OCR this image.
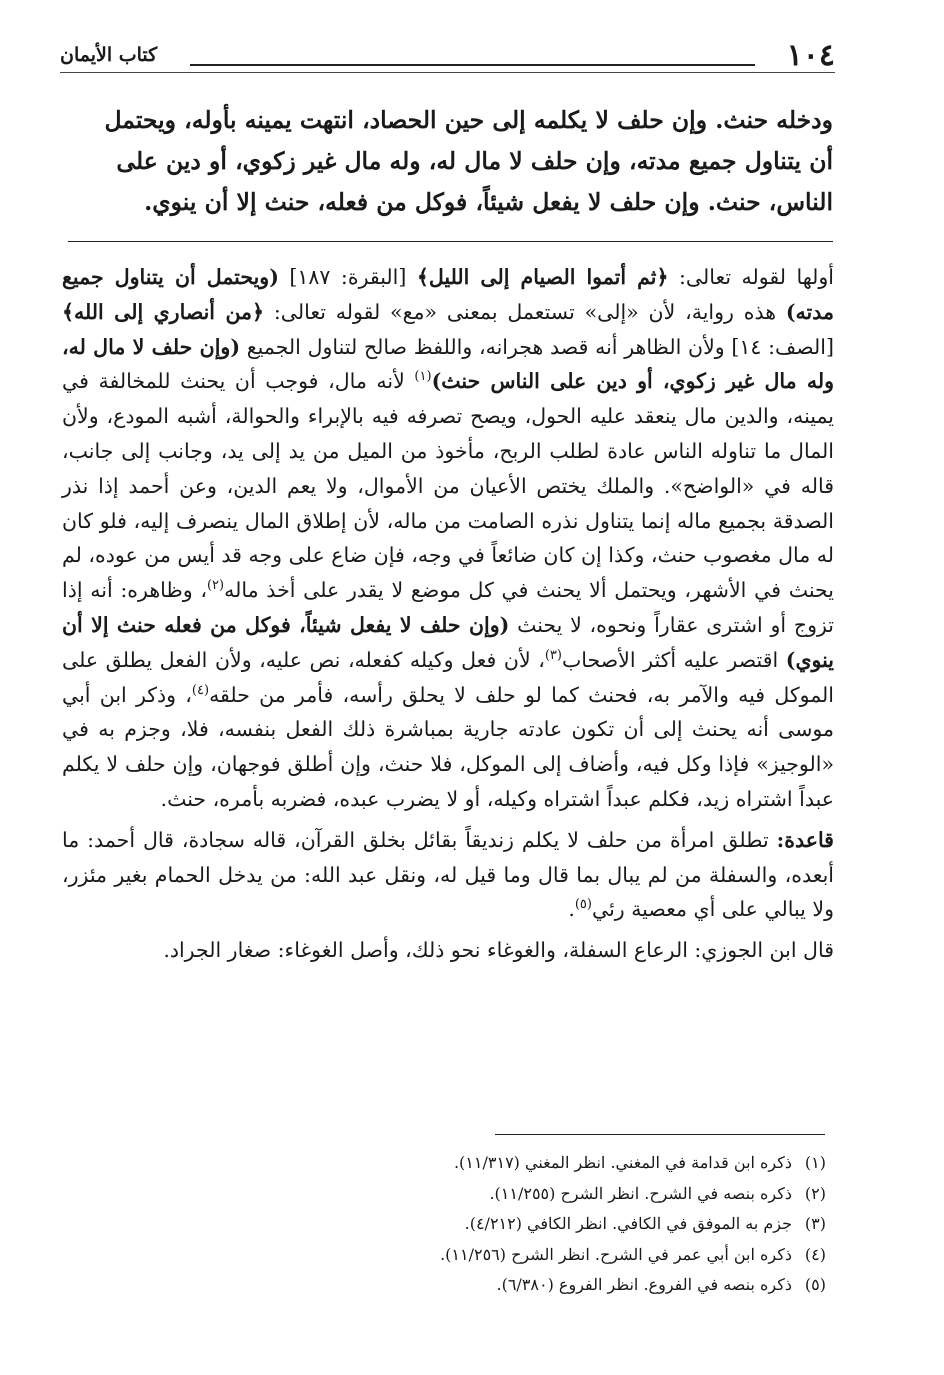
١٠٤
كتاب الأيمان

ودخله حنث. وإن حلف لا يكلمه إلى حين الحصاد، انتهت يمينه بأوله، ويحتمل

أن يتناول جميع مدته، وإن حلف لا مال له، وله مال غير زكوي، أو دين على

الناس، حنث. وإن حلف لا يفعل شيئاً، فوكل من فعله، حنث إلا أن ينوي.

أولها لقوله تعالى: ﴿ثم أتموا الصيام إلى الليل﴾ [البقرة: ١٨٧] (ويحتمل أن يتناول جميع مدته) هذه رواية، لأن «إلى» تستعمل بمعنى «مع» لقوله تعالى: ﴿من أنصاري إلى الله﴾ [الصف: ١٤] ولأن الظاهر أنه قصد هجرانه، واللفظ صالح لتناول الجميع (وإن حلف لا مال له، وله مال غير زكوي، أو دين على الناس حنث)$^{(١)}$ لأنه مال، فوجب أن يحنث للمخالفة في يمينه، والدين مال ينعقد عليه الحول، ويصح تصرفه فيه بالإبراء والحوالة، أشبه المودع، ولأن المال ما تناوله الناس عادة لطلب الربح، مأخوذ من الميل من يد إلى يد، وجانب إلى جانب، قاله في «الواضح». والملك يختص الأعيان من الأموال، ولا يعم الدين، وعن أحمد إذا نذر الصدقة بجميع ماله إنما يتناول نذره الصامت من ماله، لأن إطلاق المال ينصرف إليه، فلو كان له مال مغصوب حنث، وكذا إن كان ضائعاً في وجه، فإن ضاع على وجه قد أيس من عوده، لم يحنث في الأشهر، ويحتمل ألا يحنث في كل موضع لا يقدر على أخذ ماله$^{(٢)}$، وظاهره: أنه إذا تزوج أو اشترى عقاراً ونحوه، لا يحنث (وإن حلف لا يفعل شيئاً، فوكل من فعله حنث إلا أن ينوي) اقتصر عليه أكثر الأصحاب$^{(٣)}$، لأن فعل وكيله كفعله، نص عليه، ولأن الفعل يطلق على الموكل فيه والآمر به، فحنث كما لو حلف لا يحلق رأسه، فأمر من حلقه$^{(٤)}$، وذكر ابن أبي موسى أنه يحنث إلى أن تكون عادته جارية بمباشرة ذلك الفعل بنفسه، فلا، وجزم به في «الوجيز» فإذا وكل فيه، وأضاف إلى الموكل، فلا حنث، وإن أطلق فوجهان، وإن حلف لا يكلم عبداً اشتراه زيد، فكلم عبداً اشتراه وكيله، أو لا يضرب عبده، فضربه بأمره، حنث.

قاعدة: تطلق امرأة من حلف لا يكلم زنديقاً بقائل بخلق القرآن، قاله سجادة، قال أحمد: ما أبعده، والسفلة من لم يبال بما قال وما قيل له، ونقل عبد الله: من يدخل الحمام بغير مئزر، ولا يبالي على أي معصية رئي$^{(٥)}$.

قال ابن الجوزي: الرعاع السفلة، والغوغاء نحو ذلك، وأصل الغوغاء: صغار الجراد.

(١)ذكره ابن قدامة في المغني. انظر المغني (١١/٣١٧).
(٢)ذكره بنصه في الشرح. انظر الشرح (١١/٢٥٥).
(٣)جزم به الموفق في الكافي. انظر الكافي (٤/٢١٢).
(٤)ذكره ابن أبي عمر في الشرح. انظر الشرح (١١/٢٥٦).
(٥)ذكره بنصه في الفروع. انظر الفروع (٦/٣٨٠).
